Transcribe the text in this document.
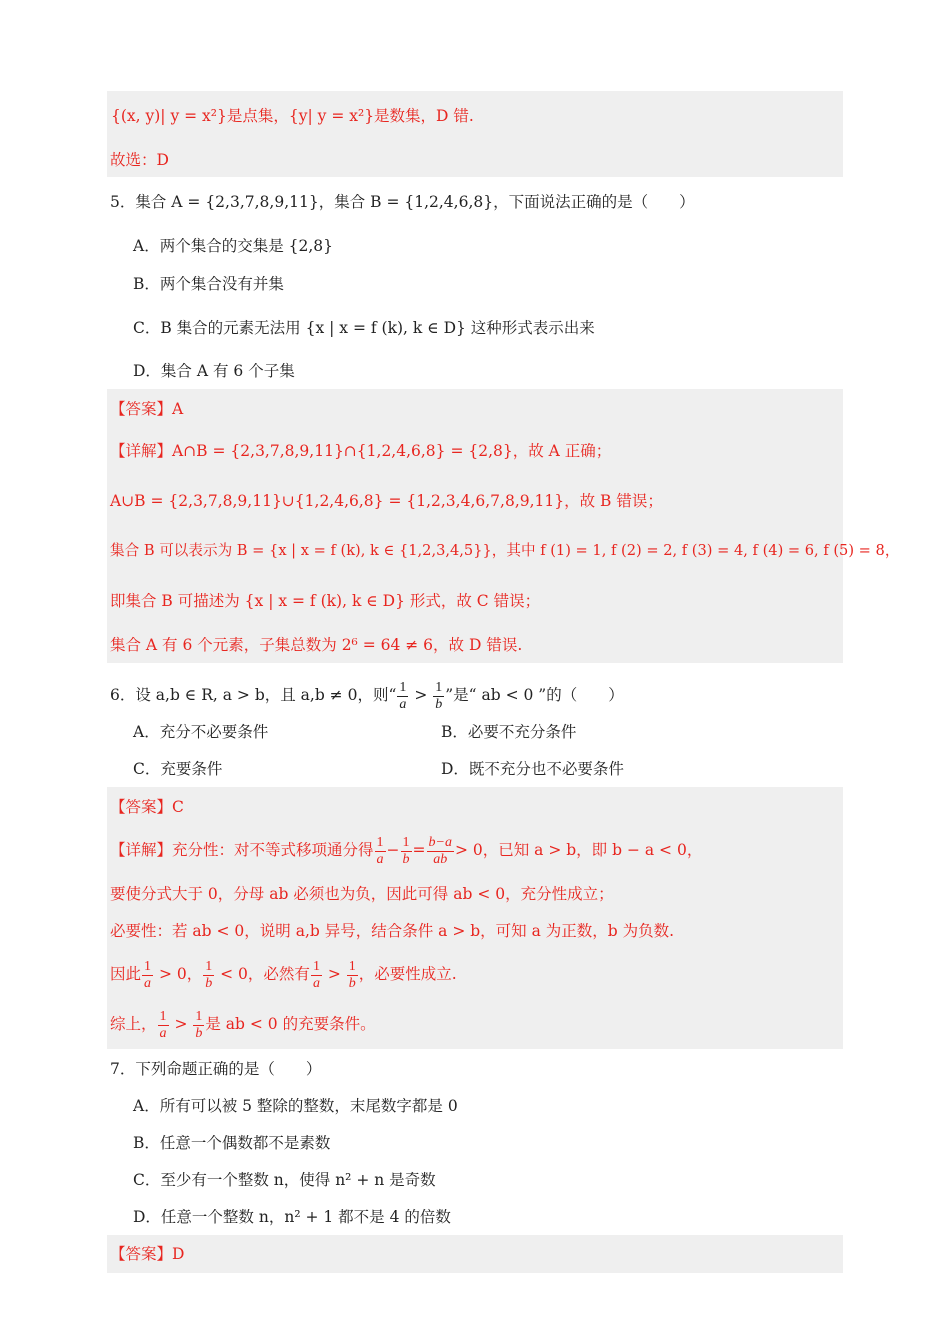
{(x, y)| y = x²}是点集，{y| y = x²}是数集，D 错.
故选：D
5．集合 A = {2,3,7,8,9,11}，集合 B = {1,2,4,6,8}，下面说法正确的是（　　）
A．两个集合的交集是 {2,8}
B．两个集合没有并集
C．B 集合的元素无法用 {x | x = f (k), k ∈ D} 这种形式表示出来
D．集合 A 有 6 个子集
【答案】A
【详解】A∩B = {2,3,7,8,9,11}∩{1,2,4,6,8} = {2,8}，故 A 正确；
A∪B = {2,3,7,8,9,11}∪{1,2,4,6,8} = {1,2,3,4,6,7,8,9,11}，故 B 错误；
集合 B 可以表示为 B = {x | x = f (k), k ∈ {1,2,3,4,5}}，其中 f (1) = 1, f (2) = 2, f (3) = 4, f (4) = 6, f (5) = 8，
即集合 B 可描述为 {x | x = f (k), k ∈ D} 形式，故 C 错误；
集合 A 有 6 个元素，子集总数为 2⁶ = 64 ≠ 6，故 D 错误.
6．设 a,b ∈ R, a > b，且 a,b ≠ 0，则“ $\frac{1}{a} > \frac{1}{b}$ ”是“ ab < 0 ”的（　　）
A．充分不必要条件	B．必要不充分条件
C．充要条件	D．既不充分也不必要条件
【答案】C
【详解】充分性：对不等式移项通分得 $\frac{1}{a} - \frac{1}{b} = \frac{b-a}{ab} > 0$，已知 a > b，即 b − a < 0，
要使分式大于 0，分母 ab 必须也为负，因此可得 ab < 0，充分性成立；
必要性：若 ab < 0，说明 a,b 异号，结合条件 a > b，可知 a 为正数，b 为负数.
因此 $\frac{1}{a} > 0$， $\frac{1}{b} < 0$，必然有 $\frac{1}{a} > \frac{1}{b}$ ，必要性成立.
综上， $\frac{1}{a} > \frac{1}{b}$ 是 ab < 0 的充要条件。
7．下列命题正确的是（　　）
A．所有可以被 5 整除的整数，末尾数字都是 0
B．任意一个偶数都不是素数
C．至少有一个整数 n，使得 n² + n 是奇数
D．任意一个整数 n，n² + 1 都不是 4 的倍数
【答案】D
